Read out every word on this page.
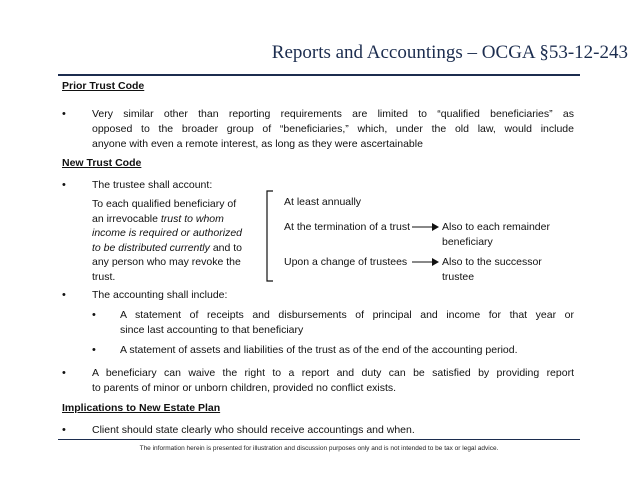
Reports and Accountings – OCGA §53-12-243
Prior Trust Code
• Very similar other than reporting requirements are limited to “qualified beneficiaries” as
opposed to the broader group of “beneficiaries,” which, under the old law, would include
anyone with even a remote interest, as long as they were ascertainable
New Trust Code
• The trustee shall account:
To each qualified beneficiary of
an irrevocable trust to whom
income is required or authorized
to be distributed currently and to
any person who may revoke the
trust.
At least annually
At the termination of a trust	Also to each remainder
beneficiary
Upon a change of trustees	Also to the successor
trustee
• The accounting shall include:
• A statement of receipts and disbursements of principal and income for that year or
since last accounting to that beneficiary
• A statement of assets and liabilities of the trust as of the end of the accounting period.
• A beneficiary can waive the right to a report and duty can be satisfied by providing report
to parents of minor or unborn children, provided no conflict exists.
Implications to New Estate Plan
• Client should state clearly who should receive accountings and when.
The information herein is presented for illustration and discussion purposes only and is not intended to be tax or legal advice.
